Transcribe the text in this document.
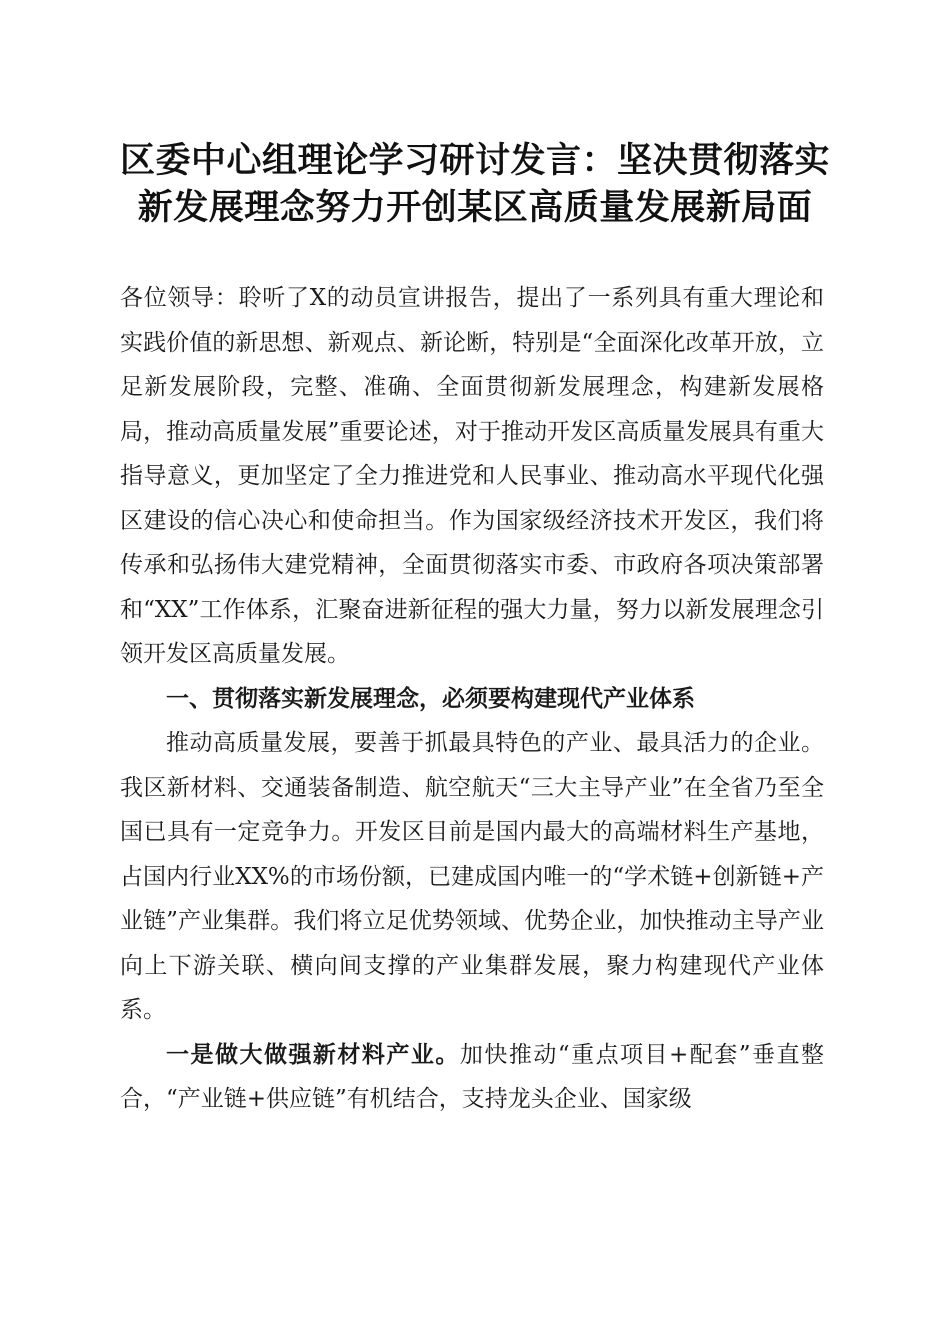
区委中心组理论学习研讨发言：坚决贯彻落实
新发展理念努力开创某区高质量发展新局面

各位领导：聆听了X的动员宣讲报告，提出了一系列具有重大理论和实践价值的新思想、新观点、新论断，特别是“全面深化改革开放，立足新发展阶段，完整、准确、全面贯彻新发展理念，构建新发展格局，推动高质量发展”重要论述，对于推动开发区高质量发展具有重大指导意义，更加坚定了全力推进党和人民事业、推动高水平现代化强区建设的信心决心和使命担当。作为国家级经济技术开发区，我们将传承和弘扬伟大建党精神，全面贯彻落实市委、市政府各项决策部署和“XX”工作体系，汇聚奋进新征程的强大力量，努力以新发展理念引领开发区高质量发展。

一、贯彻落实新发展理念，必须要构建现代产业体系

推动高质量发展，要善于抓最具特色的产业、最具活力的企业。我区新材料、交通装备制造、航空航天“三大主导产业”在全省乃至全国已具有一定竞争力。开发区目前是国内最大的高端材料生产基地，占国内行业XX%的市场份额，已建成国内唯一的“学术链+创新链+产业链”产业集群。我们将立足优势领域、优势企业，加快推动主导产业向上下游关联、横向间支撑的产业集群发展，聚力构建现代产业体系。

一是做大做强新材料产业。加快推动“重点项目+配套”垂直整合，“产业链+供应链”有机结合，支持龙头企业、国家级
